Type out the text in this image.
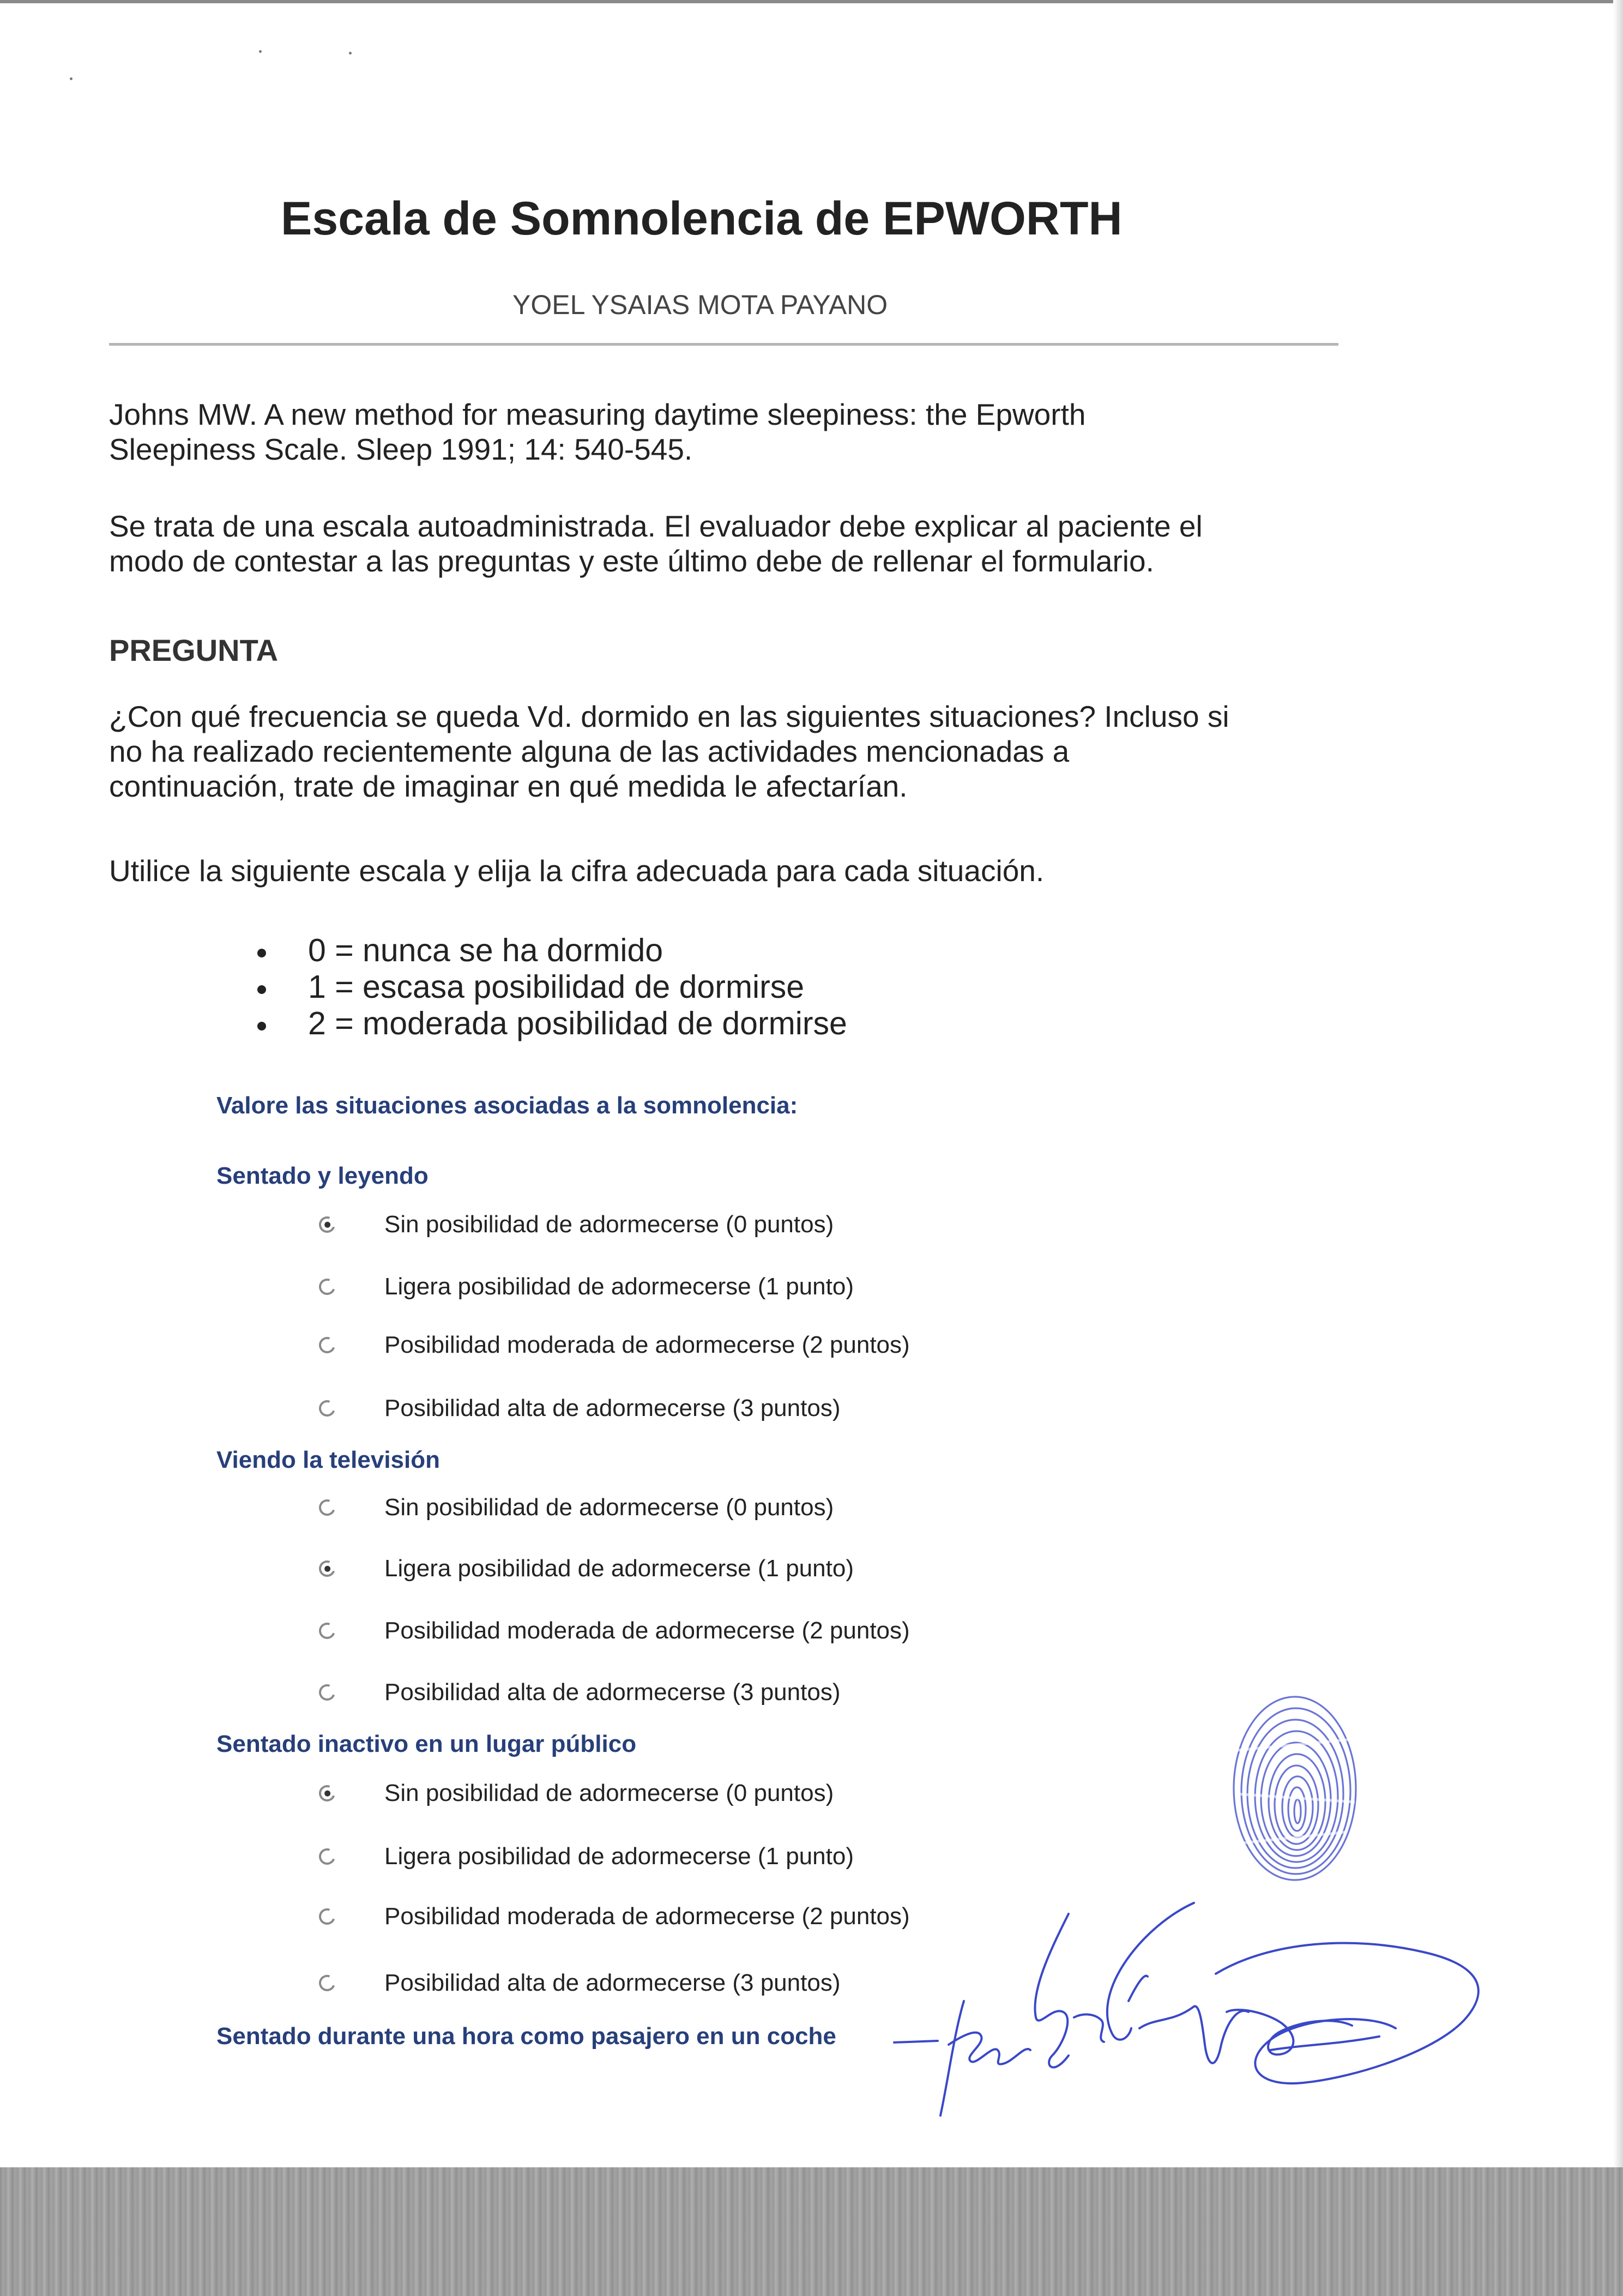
Escala de Somnolencia de EPWORTH
YOEL YSAIAS MOTA PAYANO
Johns MW. A new method for measuring daytime sleepiness: the Epworth
Sleepiness Scale. Sleep 1991; 14: 540-545.
Se trata de una escala autoadministrada. El evaluador debe explicar al paciente el
modo de contestar a las preguntas y este último debe de rellenar el formulario.
PREGUNTA
¿Con qué frecuencia se queda Vd. dormido en las siguientes situaciones? Incluso si
no ha realizado recientemente alguna de las actividades mencionadas a
continuación, trate de imaginar en qué medida le afectarían.
Utilice la siguiente escala y elija la cifra adecuada para cada situación.
0 = nunca se ha dormido
1 = escasa posibilidad de dormirse
2 = moderada posibilidad de dormirse
Valore las situaciones asociadas a la somnolencia:
Sentado y leyendo
Sin posibilidad de adormecerse (0 puntos)
Ligera posibilidad de adormecerse (1 punto)
Posibilidad moderada de adormecerse (2 puntos)
Posibilidad alta de adormecerse (3 puntos)
Viendo la televisión
Sin posibilidad de adormecerse (0 puntos)
Ligera posibilidad de adormecerse (1 punto)
Posibilidad moderada de adormecerse (2 puntos)
Posibilidad alta de adormecerse (3 puntos)
Sentado inactivo en un lugar público
Sin posibilidad de adormecerse (0 puntos)
Ligera posibilidad de adormecerse (1 punto)
Posibilidad moderada de adormecerse (2 puntos)
Posibilidad alta de adormecerse (3 puntos)
Sentado durante una hora como pasajero en un coche
